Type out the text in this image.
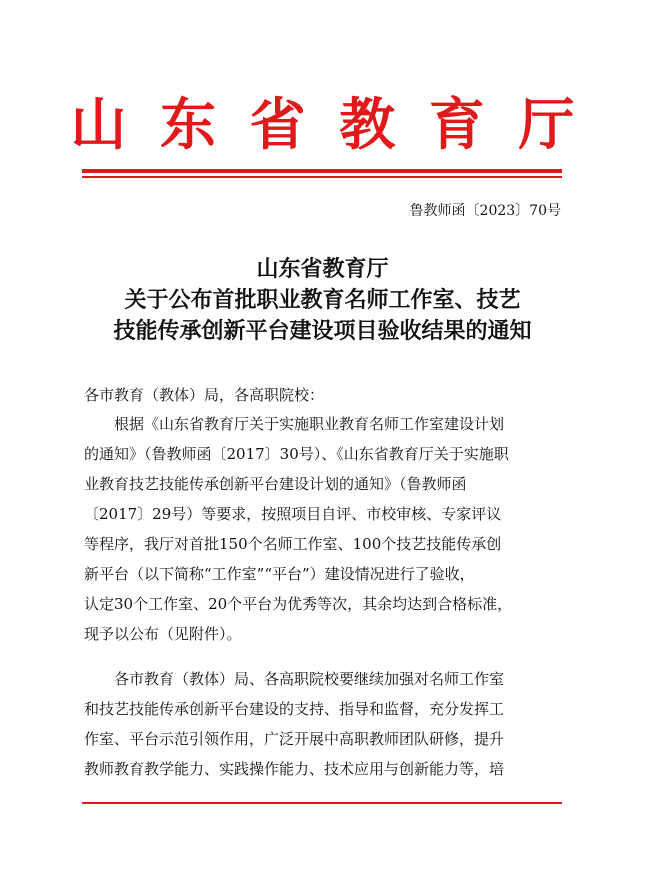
山东省教育厅
鲁教师函〔2023〕70号
山东省教育厅
关于公布首批职业教育名师工作室、技艺
技能传承创新平台建设项目验收结果的通知
各市教育（教体）局，各高职院校：
　　根据《山东省教育厅关于实施职业教育名师工作室建设计划
的通知》（鲁教师函〔2017〕30号）、《山东省教育厅关于实施职
业教育技艺技能传承创新平台建设计划的通知》（鲁教师函
〔2017〕29号）等要求，按照项目自评、市校审核、专家评议
等程序，我厅对首批150个名师工作室、100个技艺技能传承创
新平台（以下简称“工作室”“平台”）建设情况进行了验收，
认定30个工作室、20个平台为优秀等次，其余均达到合格标准，
现予以公布（见附件）。
　　各市教育（教体）局、各高职院校要继续加强对名师工作室
和技艺技能传承创新平台建设的支持、指导和监督，充分发挥工
作室、平台示范引领作用，广泛开展中高职教师团队研修，提升
教师教育教学能力、实践操作能力、技术应用与创新能力等，培
